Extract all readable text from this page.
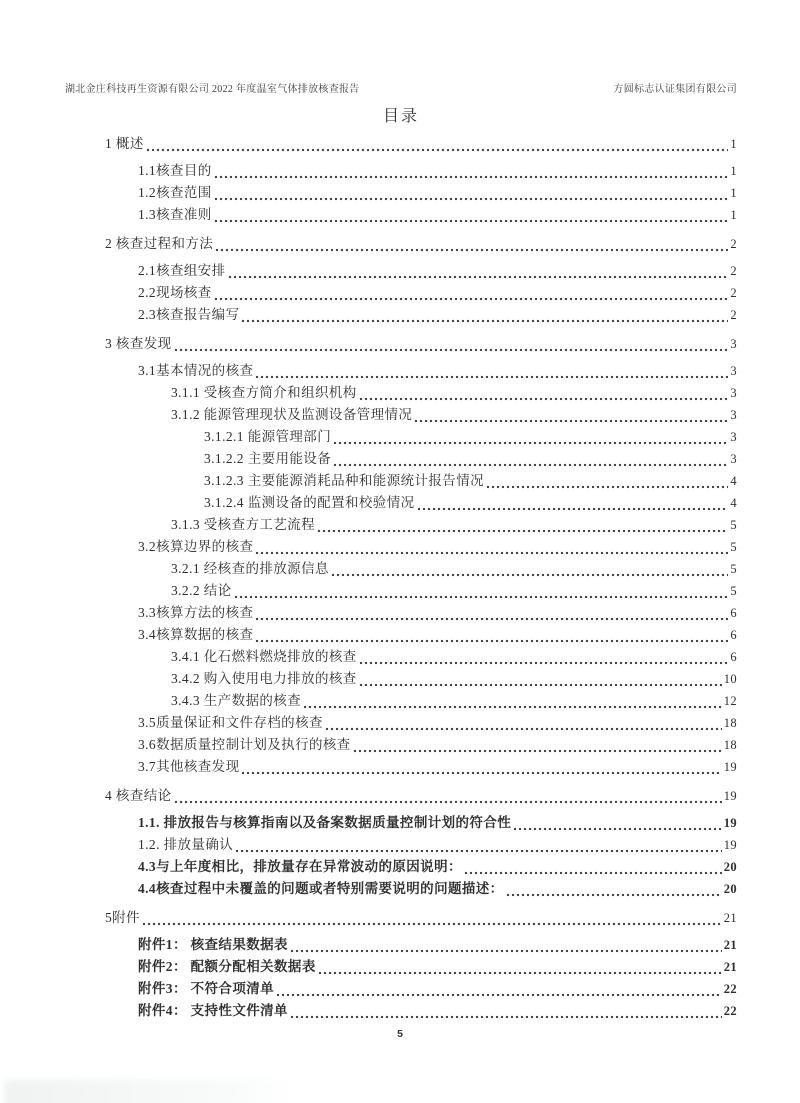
湖北金庄科技再生资源有限公司 2022 年度温室气体排放核查报告	方圆标志认证集团有限公司
目录
1 概述	1
1.1核查目的	1
1.2核查范围	1
1.3核查准则	1
2 核查过程和方法	2
2.1核查组安排	2
2.2现场核查	2
2.3核查报告编写	2
3 核查发现	3
3.1基本情况的核查	3
3.1.1 受核查方简介和组织机构	3
3.1.2 能源管理现状及监测设备管理情况	3
3.1.2.1 能源管理部门	3
3.1.2.2 主要用能设备	3
3.1.2.3 主要能源消耗品种和能源统计报告情况	4
3.1.2.4 监测设备的配置和校验情况	4
3.1.3 受核查方工艺流程	5
3.2核算边界的核查	5
3.2.1 经核查的排放源信息	5
3.2.2 结论	5
3.3核算方法的核查	6
3.4核算数据的核查	6
3.4.1 化石燃料燃烧排放的核查	6
3.4.2 购入使用电力排放的核查	10
3.4.3 生产数据的核查	12
3.5质量保证和文件存档的核查	18
3.6数据质量控制计划及执行的核查	18
3.7其他核查发现	19
4 核查结论	19
1.1. 排放报告与核算指南以及备案数据质量控制计划的符合性	19
1.2. 排放量确认	19
4.3与上年度相比，排放量存在异常波动的原因说明：	20
4.4核查过程中未覆盖的问题或者特别需要说明的问题描述：	20
5附件	21
附件1： 核查结果数据表	21
附件2： 配额分配相关数据表	21
附件3： 不符合项清单	22
附件4： 支持性文件清单	22
5
